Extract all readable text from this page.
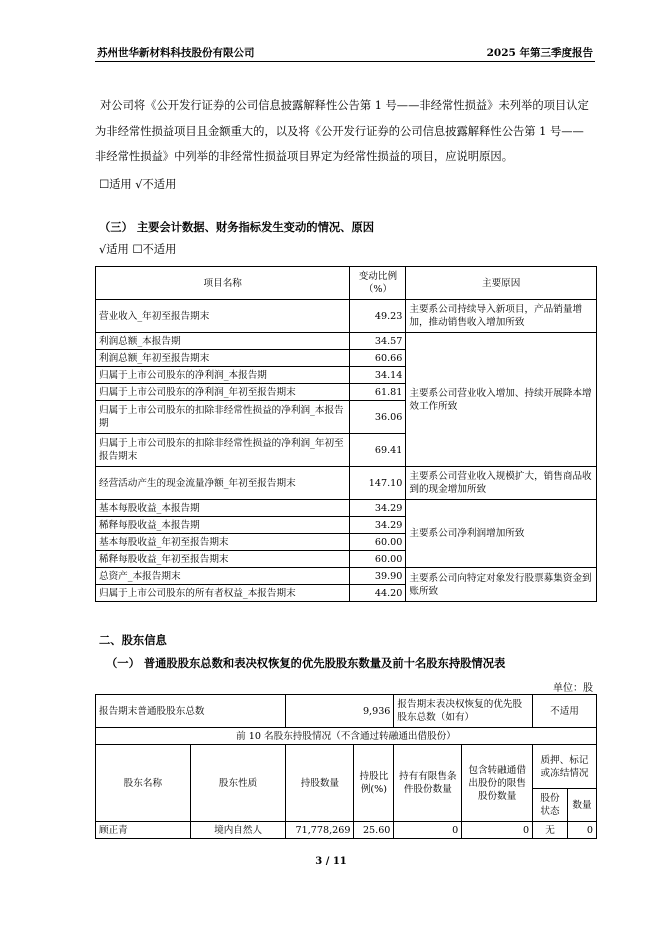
苏州世华新材料科技股份有限公司	2025 年第三季度报告
对公司将《公开发行证券的公司信息披露解释性公告第 1 号——非经常性损益》未列举的项目认定为非经常性损益项目且金额重大的，以及将《公开发行证券的公司信息披露解释性公告第 1 号——非经常性损益》中列举的非经常性损益项目界定为经常性损益的项目，应说明原因。
☐适用 √不适用
（三） 主要会计数据、财务指标发生变动的情况、原因
√适用 ☐不适用
项目名称	变动比例（%）	主要原因
营业收入_年初至报告期末	49.23	主要系公司持续导入新项目，产品销量增加，推动销售收入增加所致
利润总额_本报告期	34.57	主要系公司营业收入增加、持续开展降本增效工作所致
利润总额_年初至报告期末	60.66	
归属于上市公司股东的净利润_本报告期	34.14	
归属于上市公司股东的净利润_年初至报告期末	61.81	
归属于上市公司股东的扣除非经常性损益的净利润_本报告期	36.06	
归属于上市公司股东的扣除非经常性损益的净利润_年初至报告期末	69.41	
经营活动产生的现金流量净额_年初至报告期末	147.10	主要系公司营业收入规模扩大，销售商品收到的现金增加所致
基本每股收益_本报告期	34.29	主要系公司净利润增加所致
稀释每股收益_本报告期	34.29	
基本每股收益_年初至报告期末	60.00	
稀释每股收益_年初至报告期末	60.00	
总资产_本报告期末	39.90	主要系公司向特定对象发行股票募集资金到账所致
归属于上市公司股东的所有者权益_本报告期末	44.20	
二、股东信息
（一） 普通股股东总数和表决权恢复的优先股股东数量及前十名股东持股情况表
单位：股
报告期末普通股股东总数		9,936		报告期末表决权恢复的优先股股东总数（如有）		不适用	
前 10 名股东持股情况（不含通过转融通出借股份）							
股东名称	股东性质	持股数量	持股比例(%)	持有有限售条件股份数量	包含转融通借出股份的限售股份数量	质押、标记或冻结情况	
						股份状态	数量
顾正青	境内自然人	71,778,269	25.60	0	0	无	0
3 / 11
